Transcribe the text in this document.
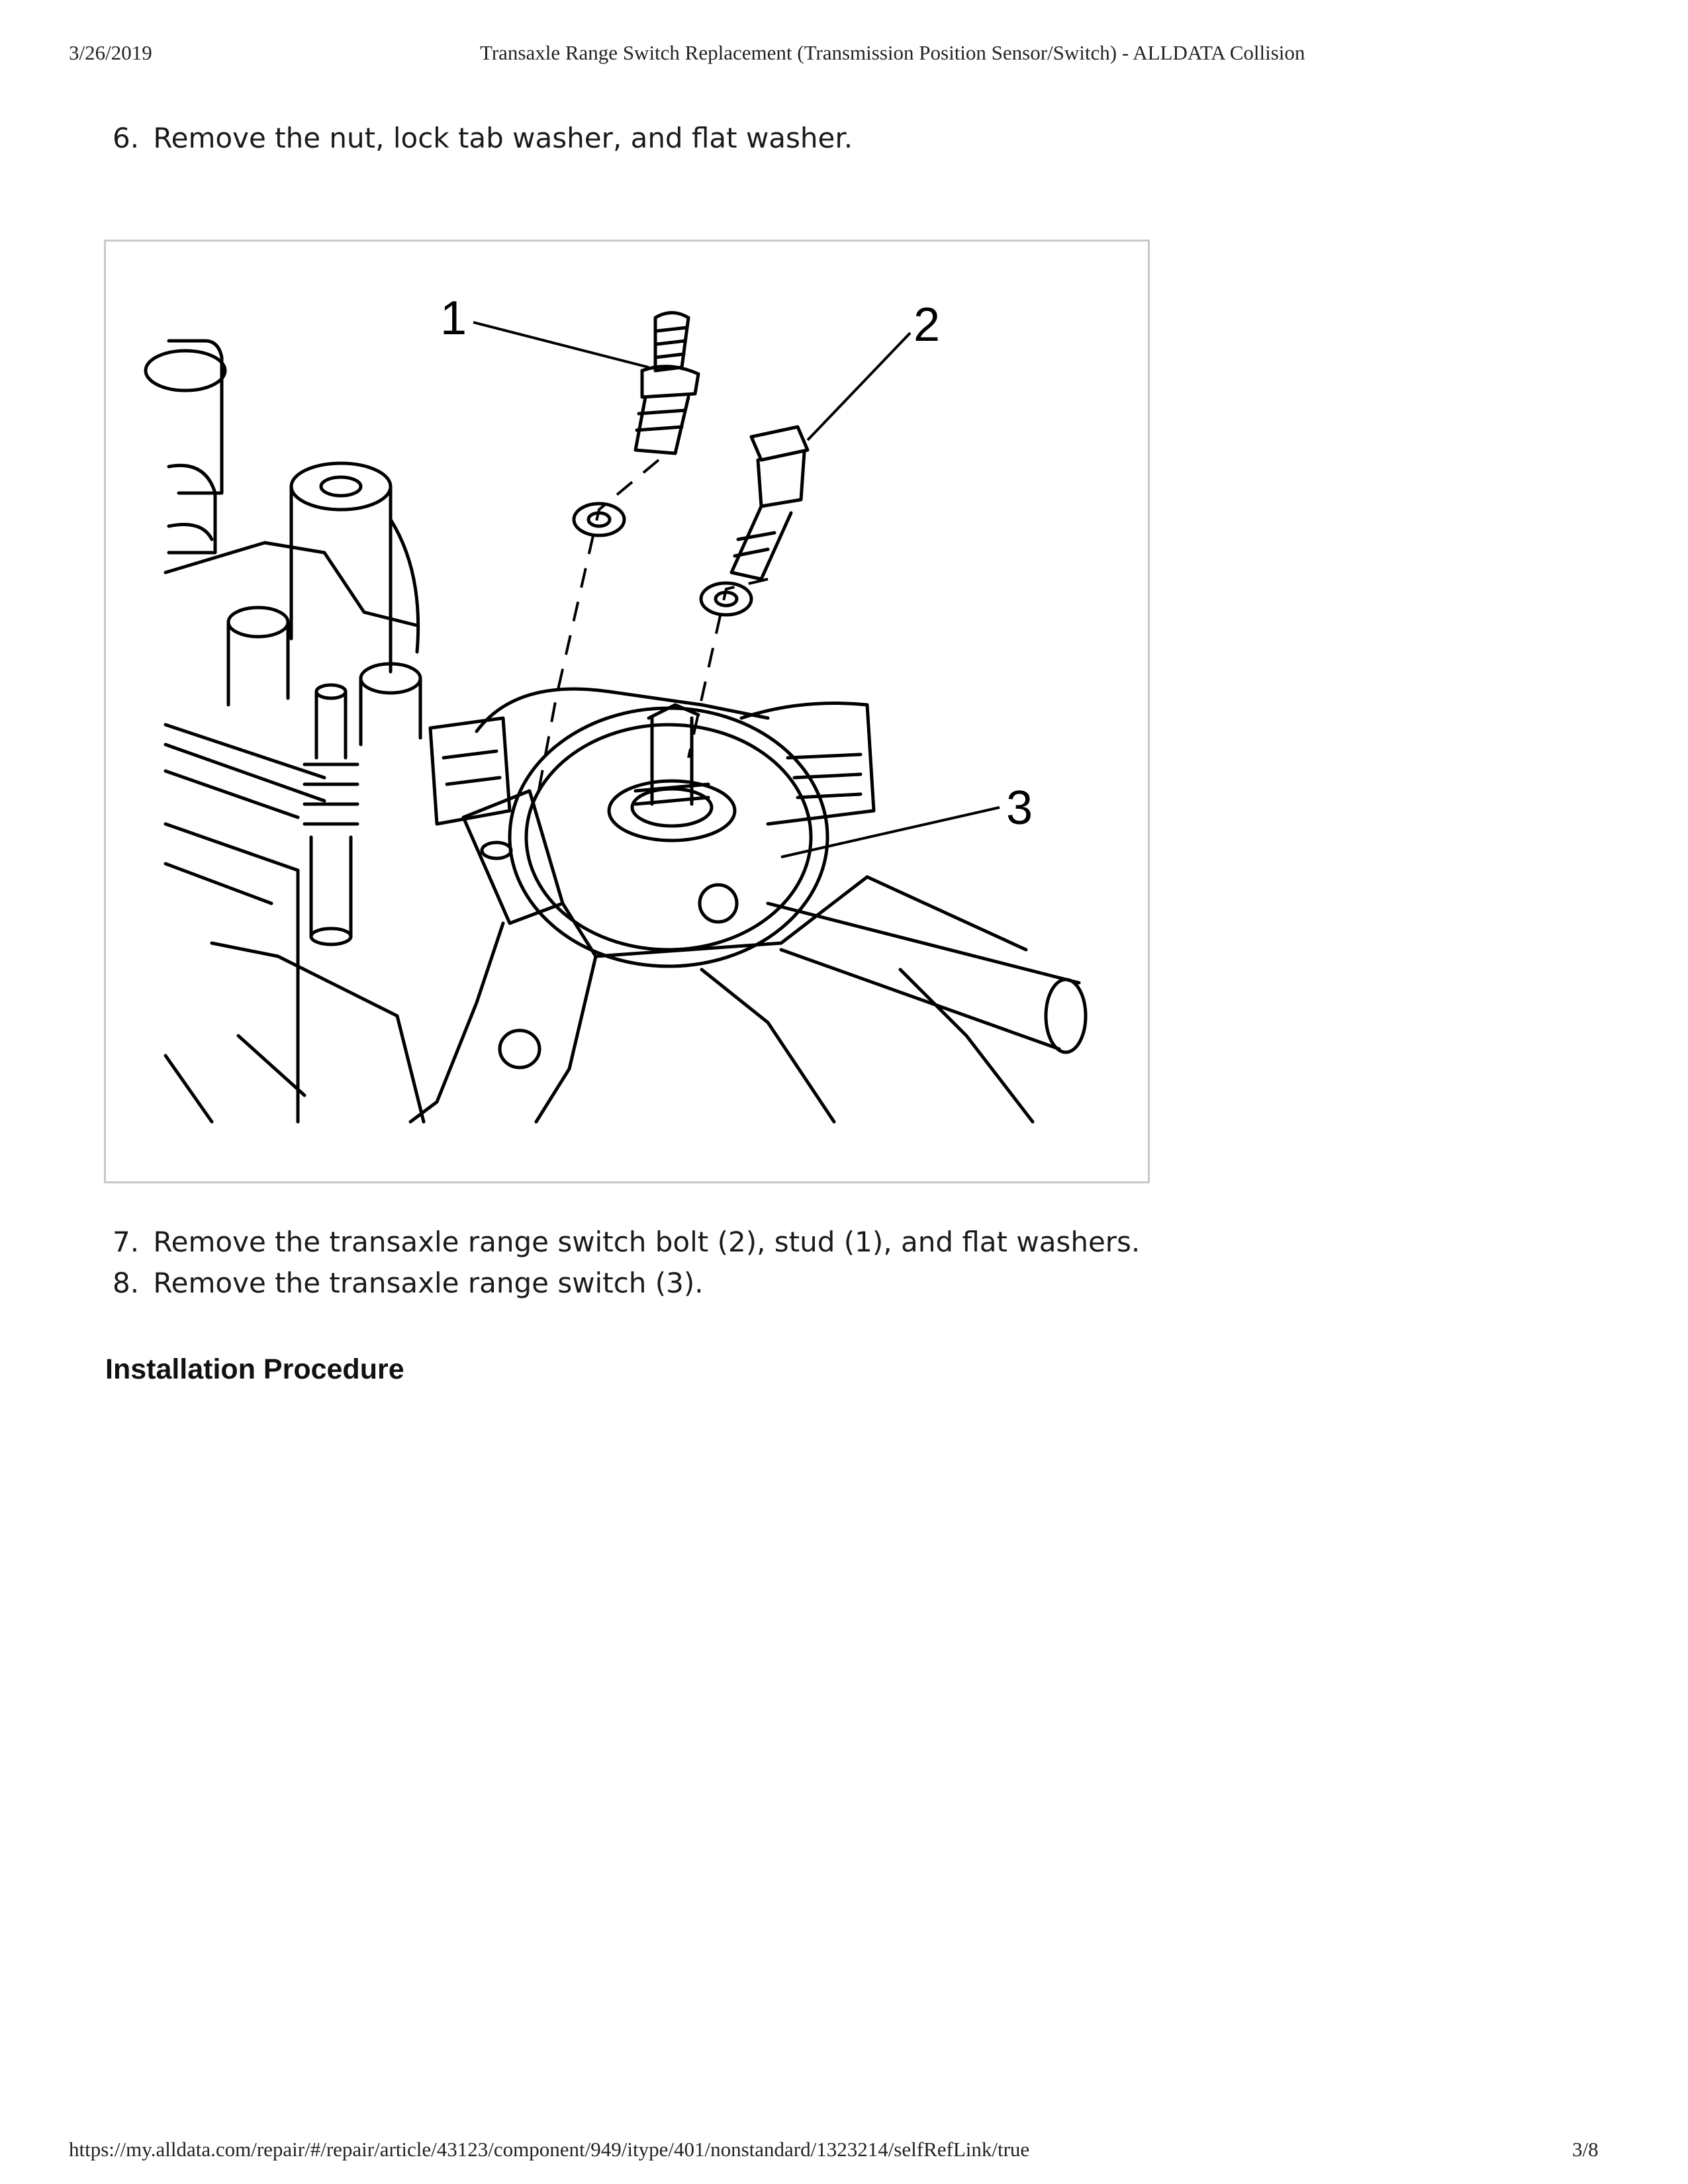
3/26/2019	Transaxle Range Switch Replacement (Transmission Position Sensor/Switch) - ALLDATA Collision
6. Remove the nut, lock tab washer, and flat washer.
1	2
3
7. Remove the transaxle range switch bolt (2), stud (1), and flat washers.
8. Remove the transaxle range switch (3).
Installation Procedure
https://my.alldata.com/repair/#/repair/article/43123/component/949/itype/401/nonstandard/1323214/selfRefLink/true	3/8
